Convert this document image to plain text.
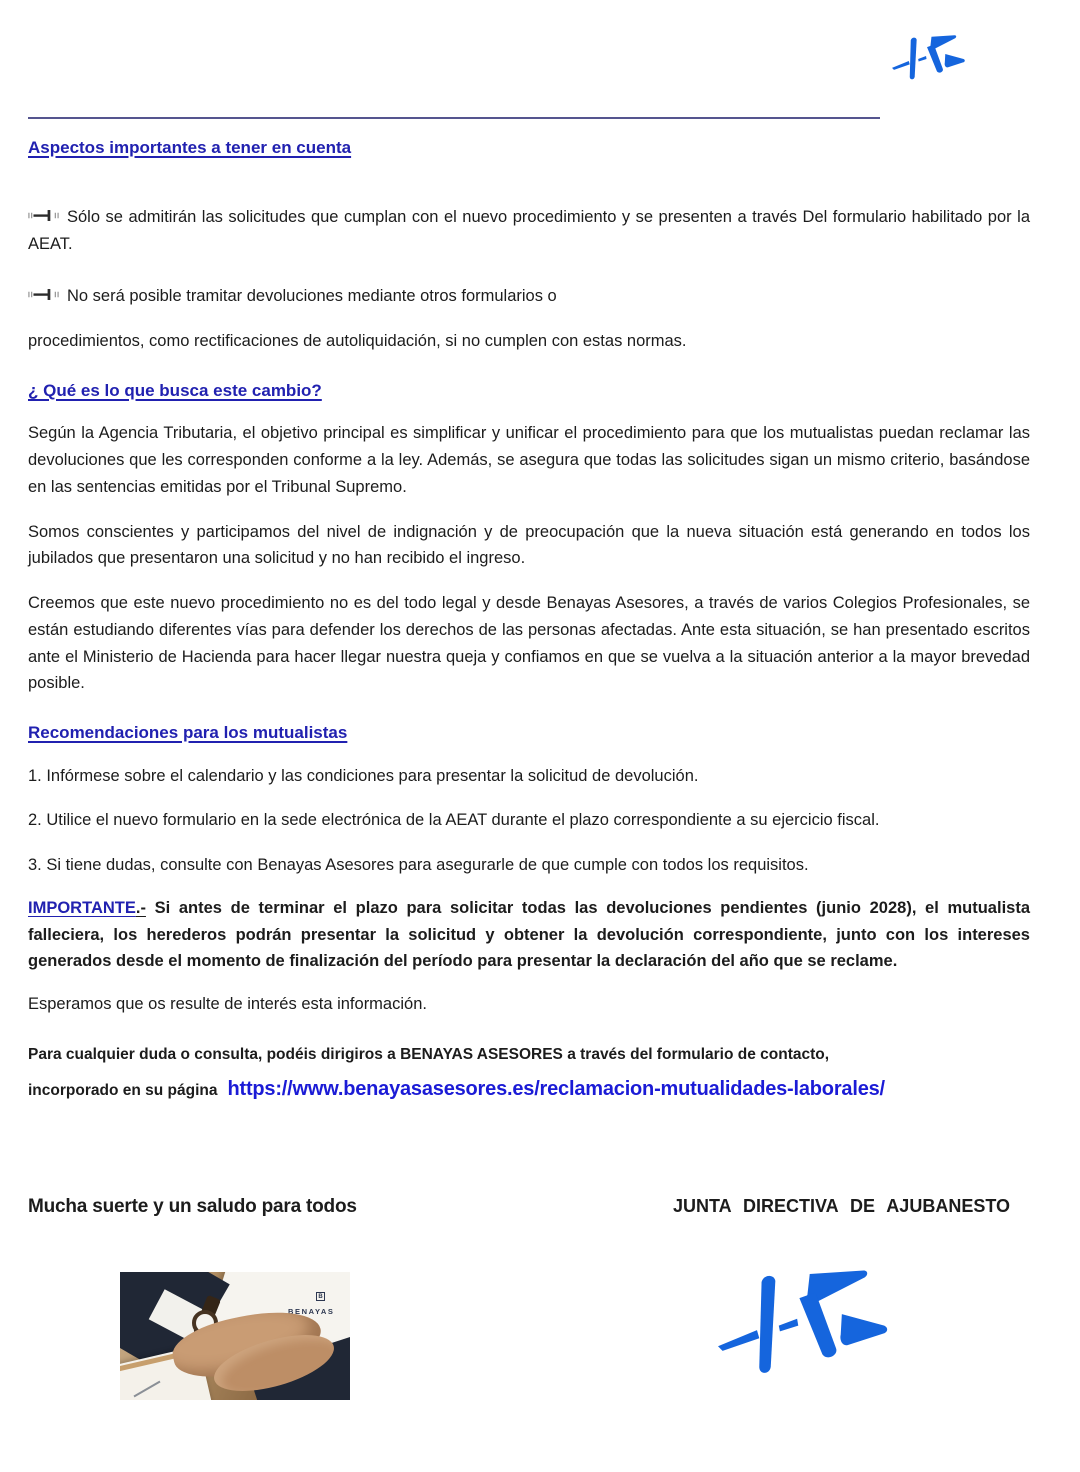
Aspectos importantes a tener en cuenta

Sólo se admitirán las solicitudes que cumplan con el nuevo procedimiento y se presenten a través Del formulario habilitado por la AEAT.

No será posible tramitar devoluciones mediante otros formularios o

procedimientos, como rectificaciones de autoliquidación, si no cumplen con estas normas.

¿ Qué es lo que busca este cambio?

Según la Agencia Tributaria, el objetivo principal es simplificar y unificar el procedimiento para que los mutualistas puedan reclamar las devoluciones que les corresponden conforme a la ley. Además, se asegura que todas las solicitudes sigan un mismo criterio, basándose en las sentencias emitidas por el Tribunal Supremo.

Somos conscientes y participamos del nivel de indignación y de preocupación que la nueva situación está generando en todos los jubilados que presentaron una solicitud y no han recibido el ingreso.

Creemos que este nuevo procedimiento no es del todo legal y desde Benayas Asesores, a través de varios Colegios Profesionales, se están estudiando diferentes vías para defender los derechos de las personas afectadas. Ante esta situación, se han presentado escritos ante el Ministerio de Hacienda para hacer llegar nuestra queja y confiamos en que se vuelva a la situación anterior a la mayor brevedad posible.

Recomendaciones para los mutualistas

1. Infórmese sobre el calendario y las condiciones para presentar la solicitud de devolución.

2. Utilice el nuevo formulario en la sede electrónica de la AEAT durante el plazo correspondiente a su ejercicio fiscal.

3. Si tiene dudas, consulte con Benayas Asesores para asegurarle de que cumple con todos los requisitos.

IMPORTANTE.- Si antes de terminar el plazo para solicitar todas las devoluciones pendientes (junio 2028), el mutualista falleciera, los herederos podrán presentar la solicitud y obtener la devolución correspondiente, junto con los intereses generados desde el momento de finalización del período para presentar la declaración del año que se reclame.

Esperamos que os resulte de interés esta información.

Para cualquier duda o consulta, podéis dirigiros a BENAYAS ASESORES a través del formulario de contacto,

incorporado en su página https://www.benayasasesores.es/reclamacion-mutualidades-laborales/

Mucha suerte y un saludo para todos	JUNTA DIRECTIVA DE AJUBANESTO
B
BENAYAS
